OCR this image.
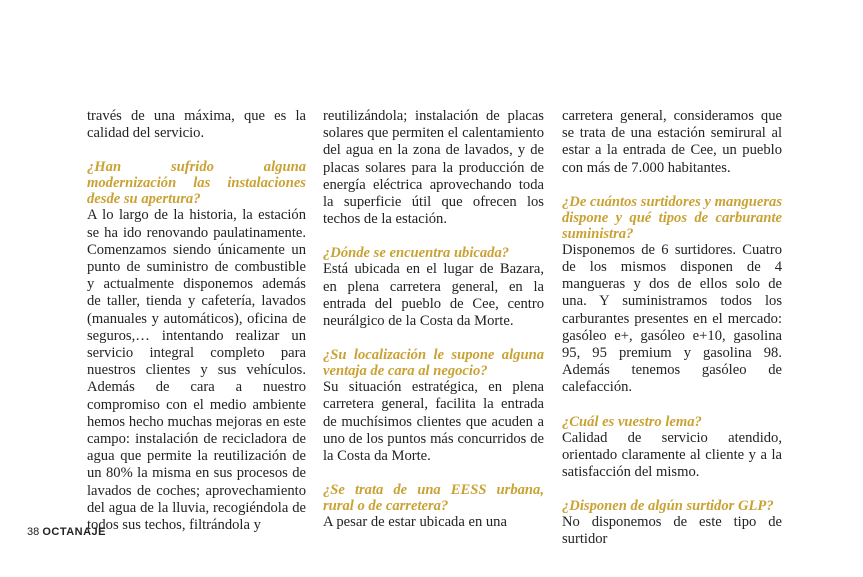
través de una máxima, que es la calidad del servicio.

¿Han sufrido alguna modernización las instalaciones desde su apertura?

A lo largo de la historia, la estación se ha ido renovando paulatinamente. Comenzamos siendo únicamente un punto de suministro de combustible y actualmente disponemos además de taller, tienda y cafetería, lavados (manuales y automáticos), oficina de seguros,… intentando realizar un servicio integral completo para nuestros clientes y sus vehículos. Además de cara a nuestro compromiso con el medio ambiente hemos hecho muchas mejoras en este campo: instalación de recicladora de agua que permite la reutilización de un 80% la misma en sus procesos de lavados de coches; aprovechamiento del agua de la lluvia, recogiéndola de todos sus techos, filtrándola y

reutilizándola; instalación de placas solares que permiten el calentamiento del agua en la zona de lavados, y de placas solares para la producción de energía eléctrica aprovechando toda la superficie útil que ofrecen los techos de la estación.

¿Dónde se encuentra ubicada?

Está ubicada en el lugar de Bazara, en plena carretera general, en la entrada del pueblo de Cee, centro neurálgico de la Costa da Morte.

¿Su localización le supone alguna ventaja de cara al negocio?

Su situación estratégica, en plena carretera general, facilita la entrada de muchísimos clientes que acuden a uno de los puntos más concurridos de la Costa da Morte.

¿Se trata de una EESS urbana, rural o de carretera?

A pesar de estar ubicada en una

carretera general, consideramos que se trata de una estación semirural al estar a la entrada de Cee, un pueblo con más de 7.000 habitantes.

¿De cuántos surtidores y mangueras dispone y qué tipos de carburante suministra?

Disponemos de 6 surtidores. Cuatro de los mismos disponen de 4 mangueras y dos de ellos solo de una. Y suministramos todos los carburantes presentes en el mercado: gasóleo e+, gasóleo e+10, gasolina 95, 95 premium y gasolina 98. Además tenemos gasóleo de calefacción.

¿Cuál es vuestro lema?

Calidad de servicio atendido, orientado claramente al cliente y a la satisfacción del mismo.

¿Disponen de algún surtidor GLP?

No disponemos de este tipo de surtidor

38 OCTANAJE
